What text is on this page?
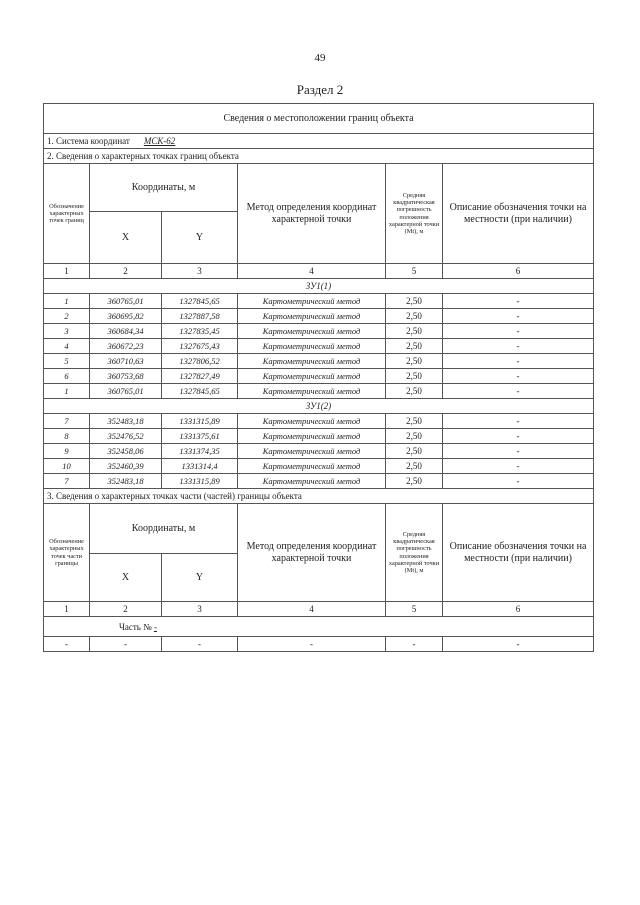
49
Раздел 2
Сведения о местоположении границ объекта					
1. Система координат МСК-62					
2. Сведения о характерных точках границ объекта					
Обозначение характерных точек границ	Координаты, м		Метод определения координат характерной точки	Средняя квадратическая погрешность положения характерной точки (Mt), м	Описание обозначения точки на местности (при наличии)
	X	Y			
1	2	3	4	5	6
ЗУ1(1)					
1	360765,01	1327845,65	Картометрический метод	2,50	-
2	360695,82	1327887,58	Картометрический метод	2,50	-
3	360684,34	1327835,45	Картометрический метод	2,50	-
4	360672,23	1327675,43	Картометрический метод	2,50	-
5	360710,63	1327806,52	Картометрический метод	2,50	-
6	360753,68	1327827,49	Картометрический метод	2,50	-
1	360765,01	1327845,65	Картометрический метод	2,50	-
ЗУ1(2)					
7	352483,18	1331315,89	Картометрический метод	2,50	-
8	352476,52	1331375,61	Картометрический метод	2,50	-
9	352458,06	1331374,35	Картометрический метод	2,50	-
10	352460,39	1331314,4	Картометрический метод	2,50	-
7	352483,18	1331315,89	Картометрический метод	2,50	-
3. Сведения о характерных точках части (частей) границы объекта					
Обозначение характерных точек части границы	Координаты, м		Метод определения координат характерной точки	Средняя квадратическая погрешность положения характерной точки (Mt), м	Описание обозначения точки на местности (при наличии)
	X	Y			
1	2	3	4	5	6
Часть № -					
-	-	-	-	-	-
